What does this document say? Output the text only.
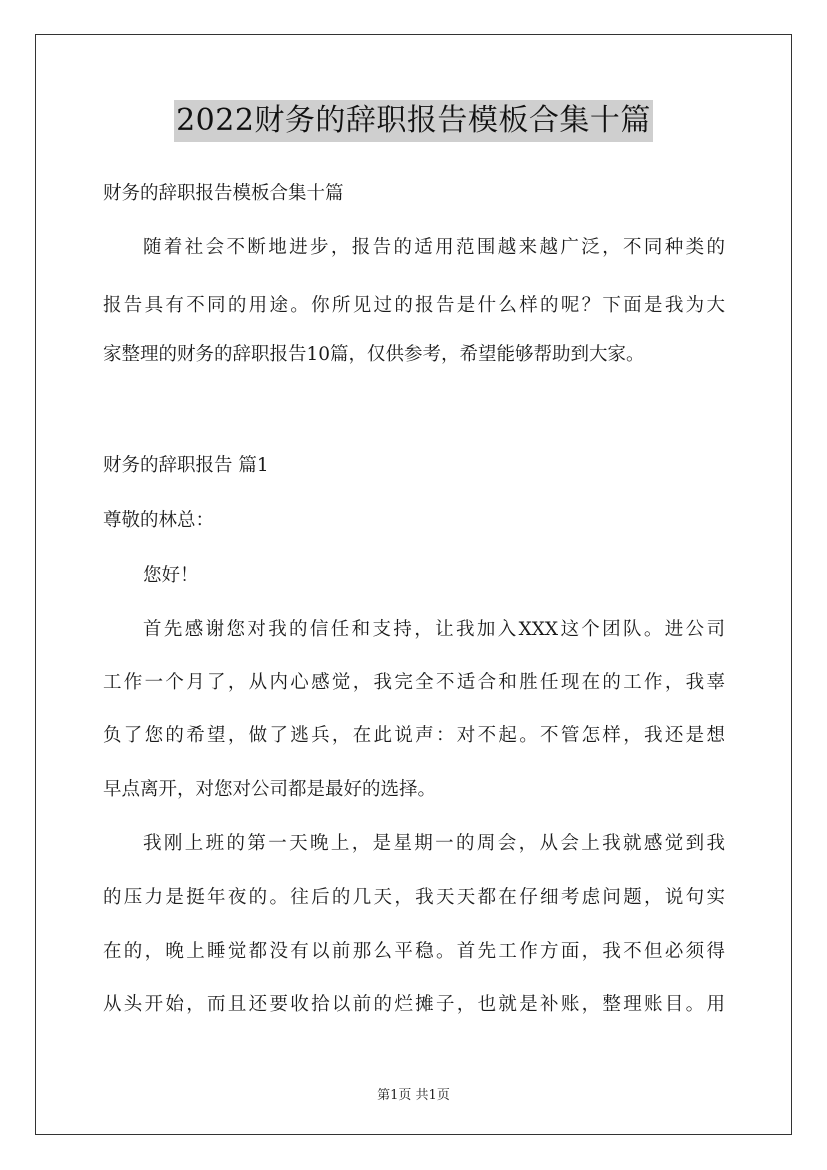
2022财务的辞职报告模板合集十篇
财务的辞职报告模板合集十篇
随着社会不断地进步，报告的适用范围越来越广泛，不同种类的
报告具有不同的用途。你所见过的报告是什么样的呢？下面是我为大
家整理的财务的辞职报告10篇，仅供参考，希望能够帮助到大家。
财务的辞职报告 篇1
尊敬的林总：
您好！
首先感谢您对我的信任和支持，让我加入XXX这个团队。进公司
工作一个月了，从内心感觉，我完全不适合和胜任现在的工作，我辜
负了您的希望，做了逃兵，在此说声：对不起。不管怎样，我还是想
早点离开，对您对公司都是最好的选择。
我刚上班的第一天晚上，是星期一的周会，从会上我就感觉到我
的压力是挺年夜的。往后的几天，我天天都在仔细考虑问题，说句实
在的，晚上睡觉都没有以前那么平稳。首先工作方面，我不但必须得
从头开始，而且还要收拾以前的烂摊子，也就是补账，整理账目。用
第1页 共1页
